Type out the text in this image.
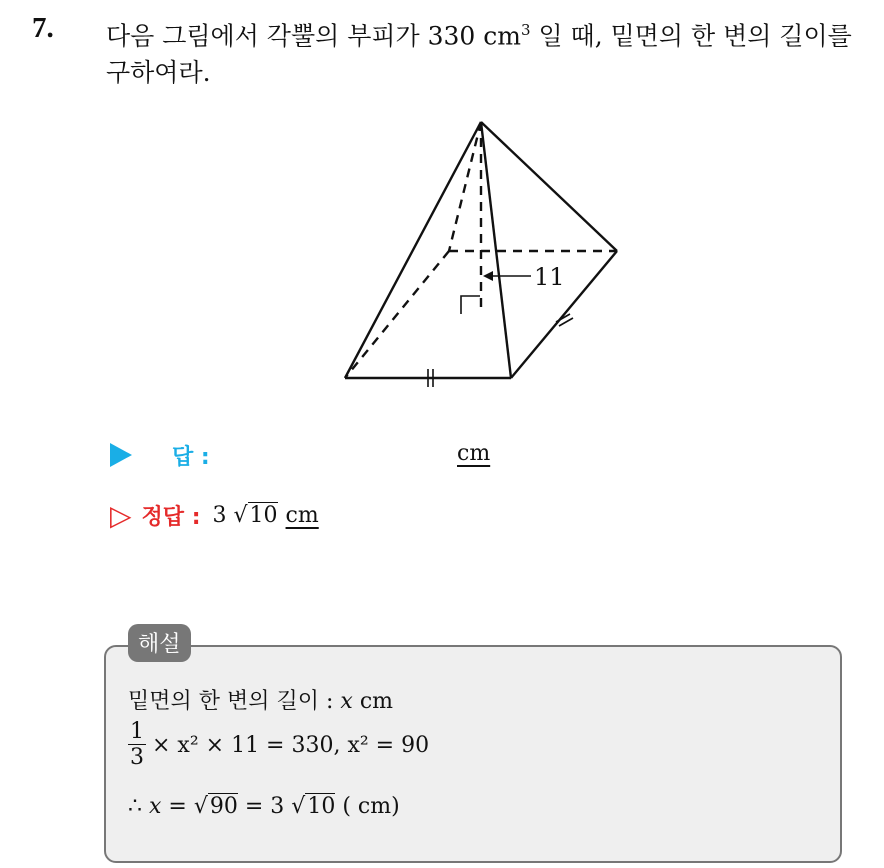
7. 다음 그림에서 각뿔의 부피가 330 $cm^3$ 일 때, 밑면의 한 변의 길이를
구하여라.
11
답 :	cm
▷ 정답 : 3 √10 cm
해설
밑면의 한 변의 길이 : x cm
$\frac{1}{3} \times x^2 \times 11 = 330$, x² = 90
∴ x = √90 = 3 √10 ( cm)
